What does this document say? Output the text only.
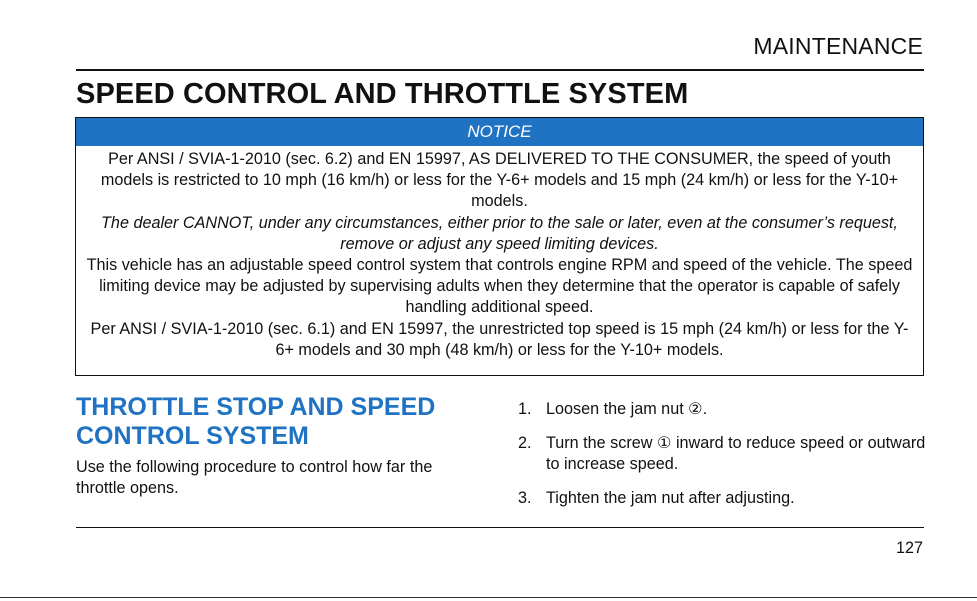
MAINTENANCE
SPEED CONTROL AND THROTTLE SYSTEM
NOTICE

Per ANSI / SVIA-1-2010 (sec. 6.2) and EN 15997, AS DELIVERED TO THE CONSUMER, the speed of youth models is restricted to 10 mph (16 km/h) or less for the Y-6+ models and 15 mph (24 km/h) or less for the Y-10+ models.

The dealer CANNOT, under any circumstances, either prior to the sale or later, even at the consumer’s request, remove or adjust any speed limiting devices.

This vehicle has an adjustable speed control system that controls engine RPM and speed of the vehicle. The speed limiting device may be adjusted by supervising adults when they determine that the operator is capable of safely handling additional speed.

Per ANSI / SVIA-1-2010 (sec. 6.1) and EN 15997, the unrestricted top speed is 15 mph (24 km/h) or less for the Y-6+ models and 30 mph (48 km/h) or less for the Y-10+ models.

THROTTLE STOP AND SPEED CONTROL SYSTEM

Use the following procedure to control how far the throttle opens.

1. Loosen the jam nut ②.
2. Turn the screw ① inward to reduce speed or outward to increase speed.
3. Tighten the jam nut after adjusting.
127
